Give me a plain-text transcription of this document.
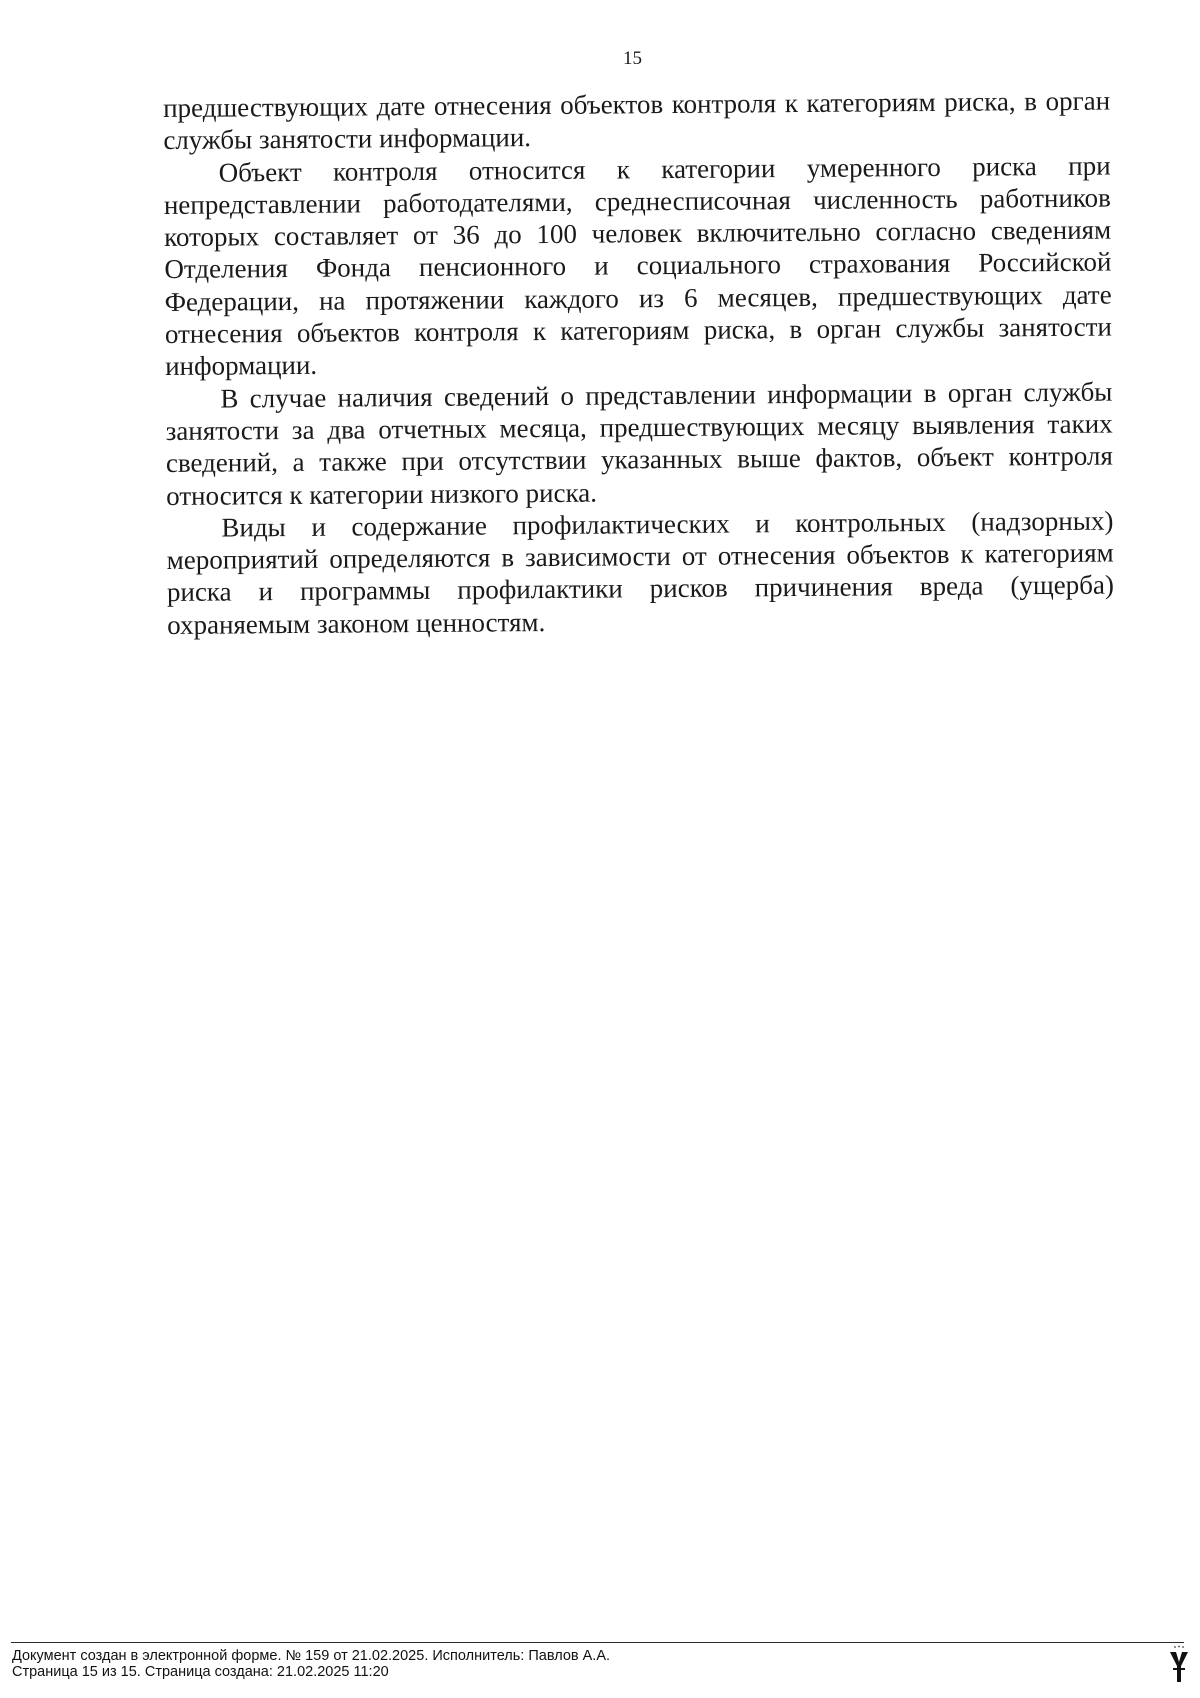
15

предшествующих дате отнесения объектов контроля к категориям риска, в орган службы занятости информации.

Объект контроля относится к категории умеренного риска при непредставлении работодателями, среднесписочная численность работников которых составляет от 36 до 100 человек включительно согласно сведениям Отделения Фонда пенсионного и социального страхования Российской Федерации, на протяжении каждого из 6 месяцев, предшествующих дате отнесения объектов контроля к категориям риска, в орган службы занятости информации.

В случае наличия сведений о представлении информации в орган службы занятости за два отчетных месяца, предшествующих месяцу выявления таких сведений, а также при отсутствии указанных выше фактов, объект контроля относится к категории низкого риска.

Виды и содержание профилактических и контрольных (надзорных) мероприятий определяются в зависимости от отнесения объектов к категориям риска и программы профилактики рисков причинения вреда (ущерба) охраняемым законом ценностям.

Документ создан в электронной форме. № 159 от 21.02.2025. Исполнитель: Павлов А.А.
Страница 15 из 15. Страница создана: 21.02.2025 11:20
